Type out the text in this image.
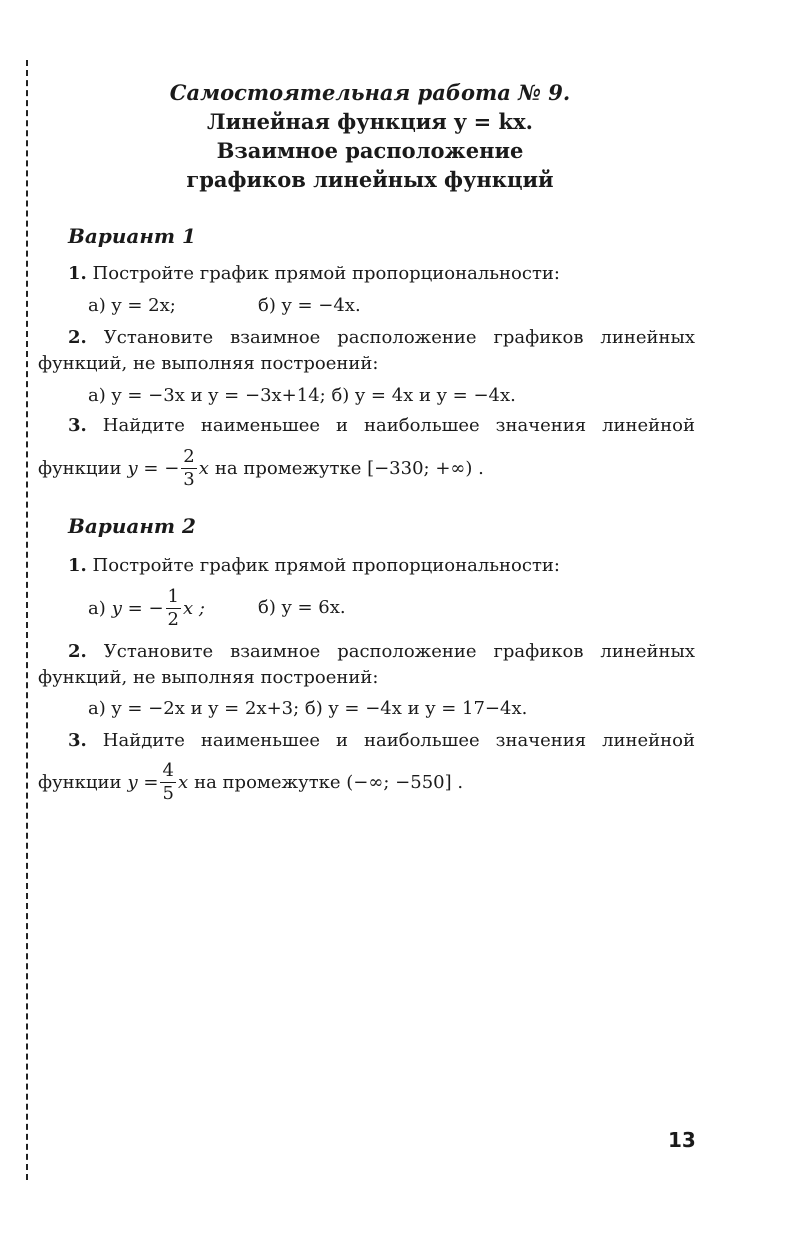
Самостоятельная работа № 9.
Линейная функция y = kx.
Взаимное расположение
графиков линейных функций
Вариант 1
1. Постройте график прямой пропорциональности:
а) y = 2x;	б) y = −4x.
2. Установите взаимное расположение графиков линейных
функций, не выполняя построений:
а) y = −3x и y = −3x+14; б) y = 4x и y = −4x.
3. Найдите наименьшее и наибольшее значения линейной
функции y = − $\frac{2}{3}$ x на промежутке [−330; +∞) .
Вариант 2
1. Постройте график прямой пропорциональности:
а) y = − $\frac{1}{2}$ x ;	б) y = 6x.
2. Установите взаимное расположение графиков линейных
функций, не выполняя построений:
а) y = −2x и y = 2x+3; б) y = −4x и y = 17−4x.
3. Найдите наименьшее и наибольшее значения линейной
функции $y = \frac{4}{5}$ x на промежутке (−∞; −550] .
13
